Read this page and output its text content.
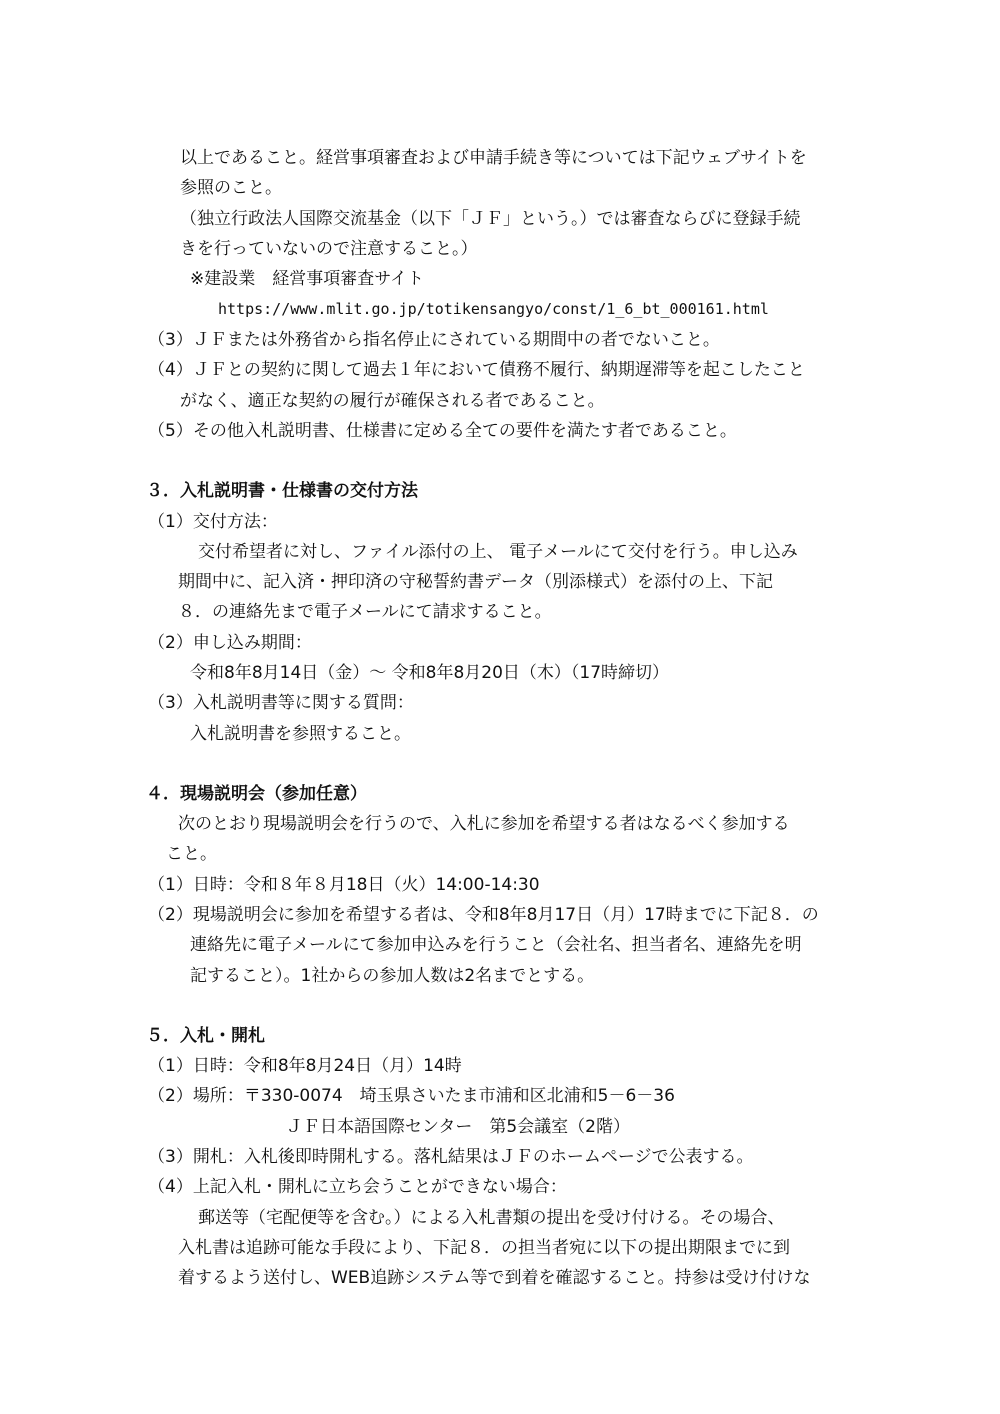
以上であること。経営事項審査および申請手続き等については下記ウェブサイトを
参照のこと。
（独立行政法人国際交流基金（以下「ＪＦ」という。）では審査ならびに登録手続
きを行っていないので注意すること。）
※建設業　経営事項審査サイト
https://www.mlit.go.jp/totikensangyo/const/1_6_bt_000161.html
（3）ＪＦまたは外務省から指名停止にされている期間中の者でないこと。
（4）ＪＦとの契約に関して過去１年において債務不履行、納期遅滞等を起こしたこと
がなく、適正な契約の履行が確保される者であること。
（5）その他入札説明書、仕様書に定める全ての要件を満たす者であること。
３．入札説明書・仕様書の交付方法
（1）交付方法：
交付希望者に対し、ファイル添付の上、 電子メールにて交付を行う。申し込み
期間中に、記入済・押印済の守秘誓約書データ（別添様式）を添付の上、下記
８．の連絡先まで電子メールにて請求すること。
（2）申し込み期間：
令和8年8月14日（金）～ 令和8年8月20日（木）（17時締切）
（3）入札説明書等に関する質問：
入札説明書を参照すること。
４．現場説明会（参加任意）
次のとおり現場説明会を行うので、入札に参加を希望する者はなるべく参加する
こと。
（1）日時：令和８年８月18日（火）14:00-14:30
（2）現場説明会に参加を希望する者は、令和8年8月17日（月）17時までに下記８．の
連絡先に電子メールにて参加申込みを行うこと（会社名、担当者名、連絡先を明
記すること）。1社からの参加人数は2名までとする。
５．入札・開札
（1）日時：令和8年8月24日（月）14時
（2）場所：〒330-0074　埼玉県さいたま市浦和区北浦和5－6－36
ＪＦ日本語国際センター　第5会議室（2階）
（3）開札：入札後即時開札する。落札結果はＪＦのホームページで公表する。
（4）上記入札・開札に立ち会うことができない場合：
郵送等（宅配便等を含む。）による入札書類の提出を受け付ける。その場合、
入札書は追跡可能な手段により、下記８．の担当者宛に以下の提出期限までに到
着するよう送付し、WEB追跡システム等で到着を確認すること。持参は受け付けな
